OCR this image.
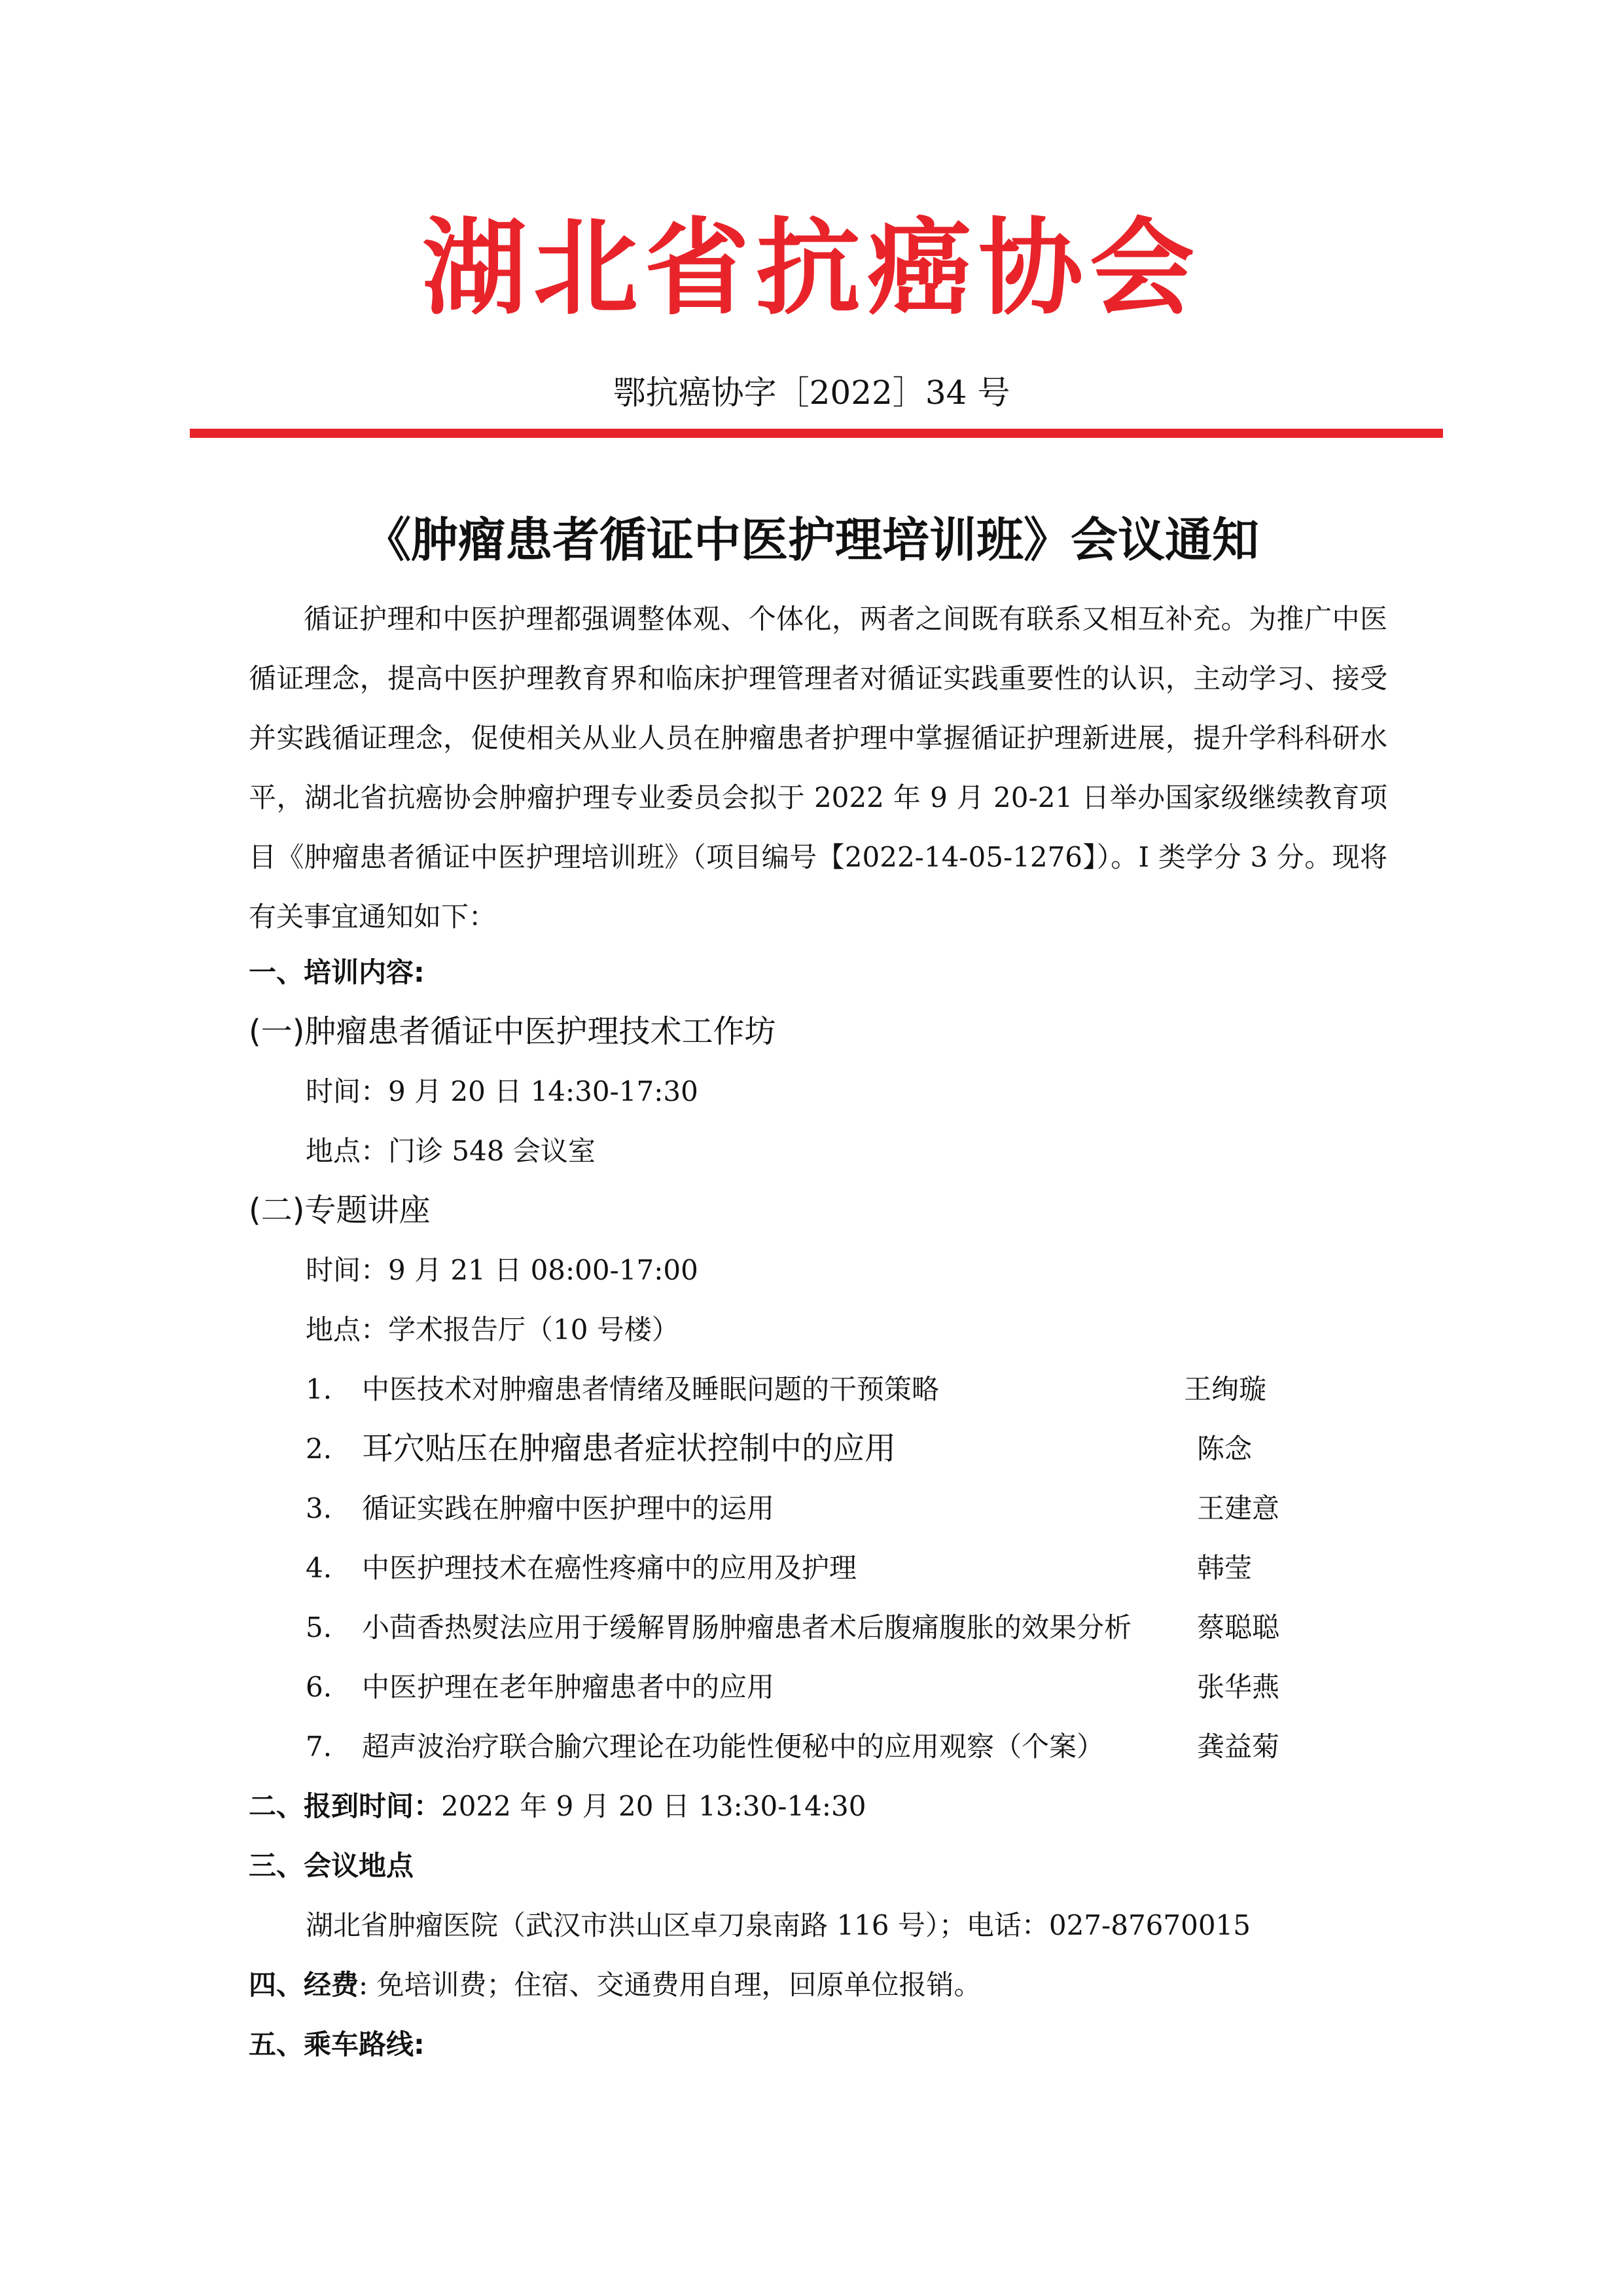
湖北省抗癌协会
鄂抗癌协字［2022］34 号
《肿瘤患者循证中医护理培训班》会议通知
循证护理和中医护理都强调整体观、个体化，两者之间既有联系又相互补充。为推广中医循证理念，提高中医护理教育界和临床护理管理者对循证实践重要性的认识，主动学习、接受并实践循证理念，促使相关从业人员在肿瘤患者护理中掌握循证护理新进展，提升学科科研水平，湖北省抗癌协会肿瘤护理专业委员会拟于 2022 年 9 月 20-21 日举办国家级继续教育项目《肿瘤患者循证中医护理培训班》（项目编号【2022-14-05-1276】）。I 类学分 3 分。现将有关事宜通知如下：
一、培训内容:
(一)肿瘤患者循证中医护理技术工作坊
时间：9 月 20 日 14:30-17:30
地点：门诊 548 会议室
(二)专题讲座
时间：9 月 21 日 08:00-17:00
地点：学术报告厅（10 号楼）
1. 中医技术对肿瘤患者情绪及睡眠问题的干预策略	王绚璇
2. 耳穴贴压在肿瘤患者症状控制中的应用	陈念
3. 循证实践在肿瘤中医护理中的运用	王建意
4. 中医护理技术在癌性疼痛中的应用及护理	韩莹
5. 小茴香热熨法应用于缓解胃肠肿瘤患者术后腹痛腹胀的效果分析 蔡聪聪
6. 中医护理在老年肿瘤患者中的应用	张华燕
7. 超声波治疗联合腧穴理论在功能性便秘中的应用观察（个案）	龚益菊
二、报到时间：2022 年 9 月 20 日 13:30-14:30
三、会议地点
湖北省肿瘤医院（武汉市洪山区卓刀泉南路 116 号）；电话：027-87670015
四、经费: 免培训费；住宿、交通费用自理，回原单位报销。
五、乘车路线:
